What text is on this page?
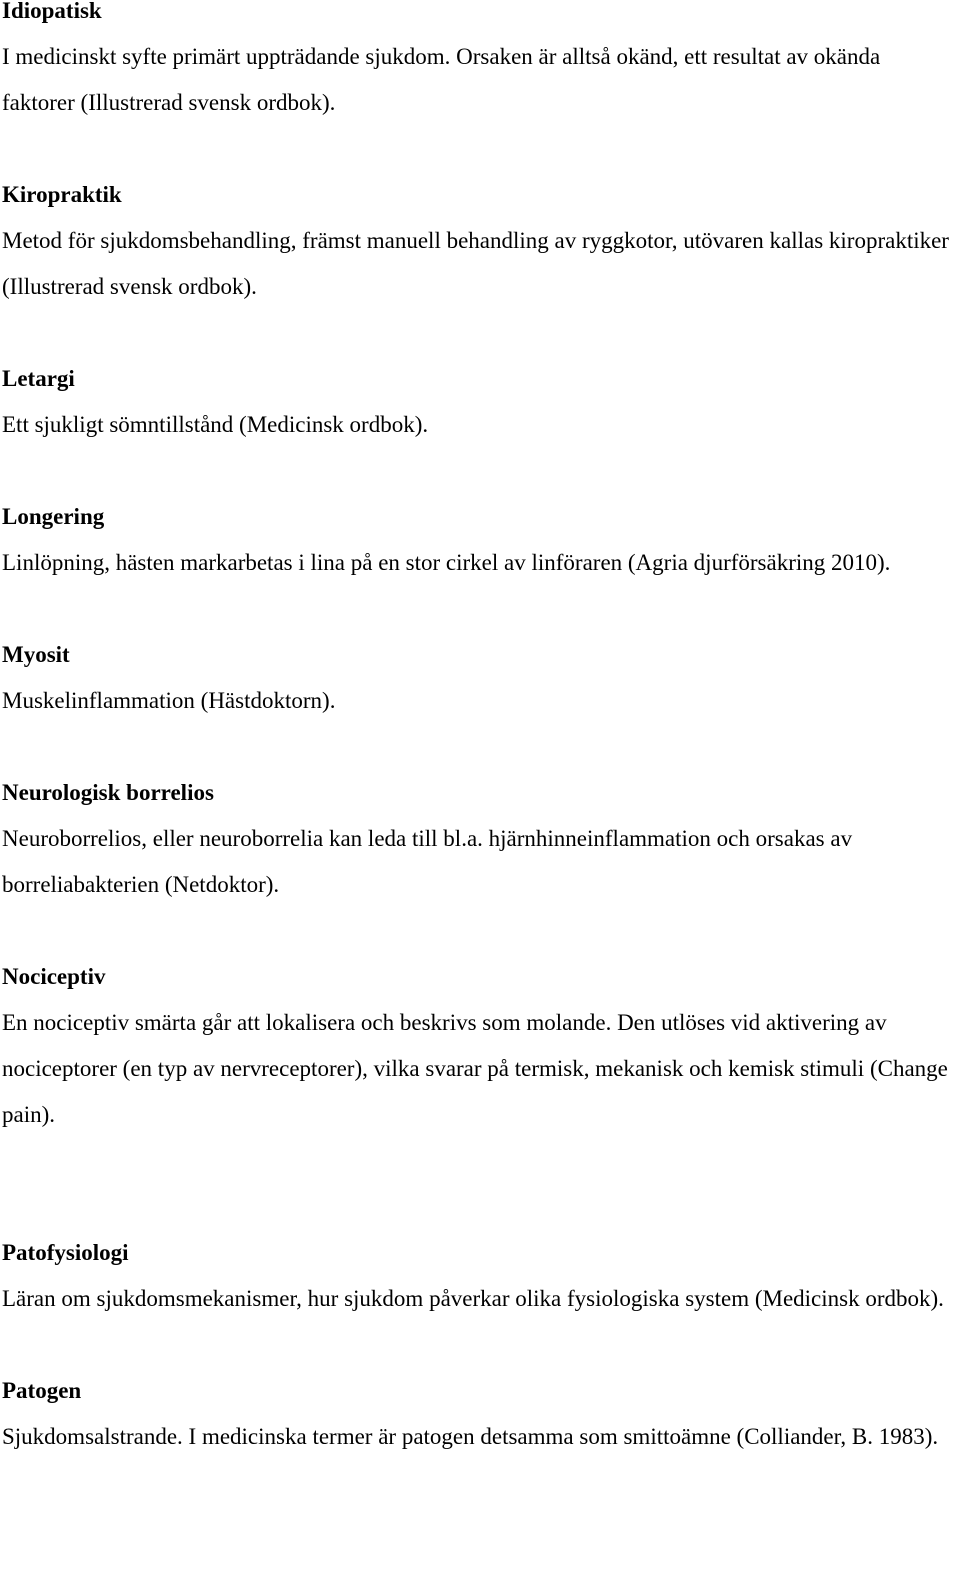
Idiopatisk

I medicinskt syfte primärt uppträdande sjukdom. Orsaken är alltså okänd, ett resultat av okända faktorer (Illustrerad svensk ordbok).

Kiropraktik

Metod för sjukdomsbehandling, främst manuell behandling av ryggkotor, utövaren kallas kiropraktiker (Illustrerad svensk ordbok).

Letargi

Ett sjukligt sömntillstånd (Medicinsk ordbok).

Longering

Linlöpning, hästen markarbetas i lina på en stor cirkel av linföraren (Agria djurförsäkring 2010).

Myosit

Muskelinflammation (Hästdoktorn).

Neurologisk borrelios

Neuroborrelios, eller neuroborrelia kan leda till bl.a. hjärnhinneinflammation och orsakas av borreliabakterien (Netdoktor).

Nociceptiv

En nociceptiv smärta går att lokalisera och beskrivs som molande. Den utlöses vid aktivering av nociceptorer (en typ av nervreceptorer), vilka svarar på termisk, mekanisk och kemisk stimuli (Change pain).

Patofysiologi

Läran om sjukdomsmekanismer, hur sjukdom påverkar olika fysiologiska system (Medicinsk ordbok).

Patogen

Sjukdomsalstrande. I medicinska termer är patogen detsamma som smittoämne (Colliander, B. 1983).
